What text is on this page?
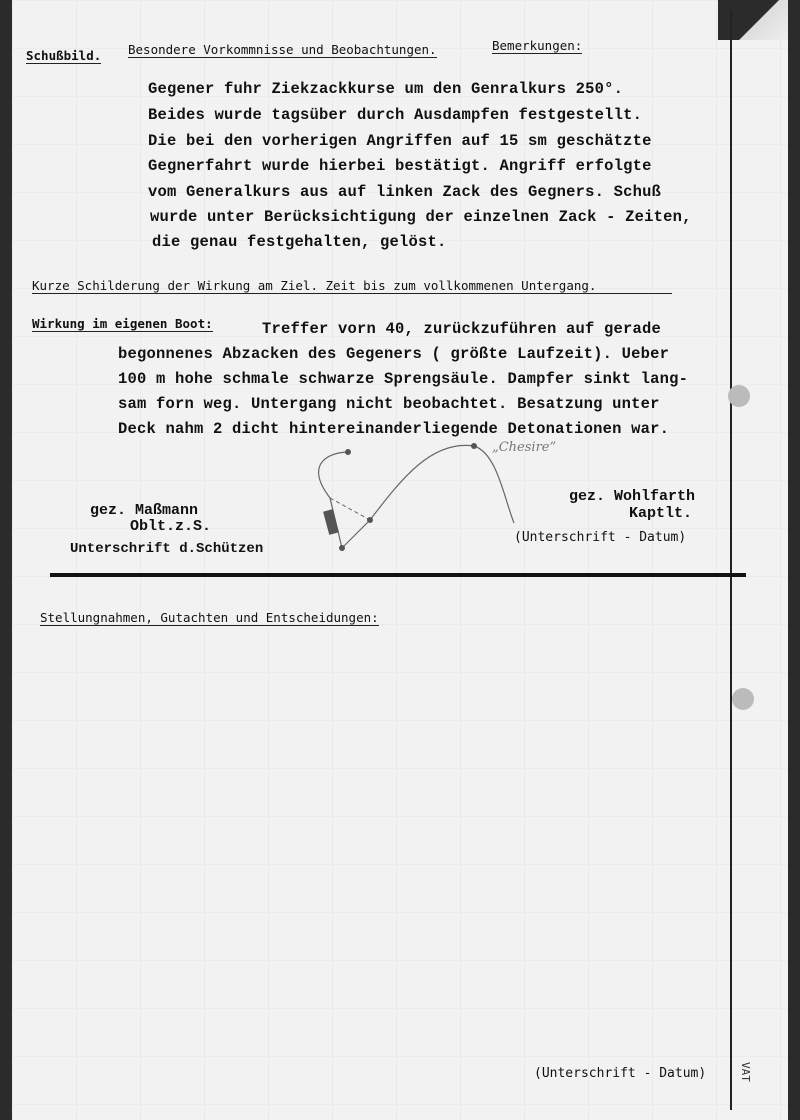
Schußbild. Besondere Vorkommnisse und Beobachtungen.	Bemerkungen:
Gegener fuhr Ziekzackkurse um den Genralkurs 250°.
Beides wurde tagsüber durch Ausdampfen festgestellt.
Die bei den vorherigen Angriffen auf 15 sm geschätzte
Gegnerfahrt wurde hierbei bestätigt. Angriff erfolgte
vom Generalkurs aus auf linken Zack des Gegners. Schuß
wurde unter Berücksichtigung der einzelnen Zack - Zeiten,
die genau festgehalten, gelöst.
Kurze Schilderung der Wirkung am Ziel. Zeit bis zum vollkommenen Untergang.
Wirkung im eigenen Boot:	Treffer vorn 40, zurückzuführen auf gerade
begonnenes Abzacken des Gegeners ( größte Laufzeit). Ueber
100 m hohe schmale schwarze Sprengsäule. Dampfer sinkt lang-
sam forn weg. Untergang nicht beobachtet. Besatzung unter
Deck nahm 2 dicht hintereinanderliegende Detonationen war.
„Chesire”
gez. Maßmann
Oblt.z.S.
Unterschrift d.Schützen
gez. Wohlfarth
Kaptlt.
(Unterschrift - Datum)
Stellungnahmen, Gutachten und Entscheidungen:
(Unterschrift - Datum)	VAT
